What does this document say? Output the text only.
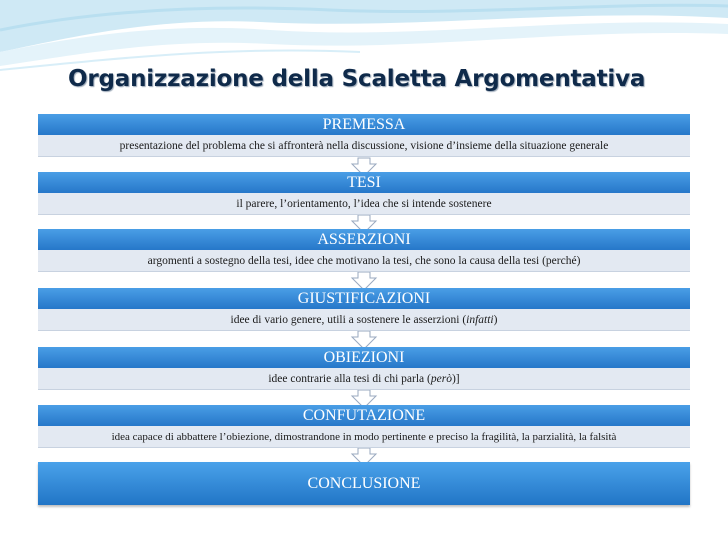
Organizzazione della Scaletta Argomentativa
PREMESSA
presentazione del problema che si affronterà nella discussione, visione d’insieme della situazione generale
TESI
il parere, l’orientamento, l’idea che si intende sostenere
ASSERZIONI
argomenti a sostegno della tesi, idee che motivano la tesi, che sono la causa della tesi (perché)
GIUSTIFICAZIONI
idee di vario genere, utili a sostenere le asserzioni (infatti)
OBIEZIONI
idee contrarie alla tesi di chi parla (però)]
CONFUTAZIONE
idea capace di abbattere l’obiezione, dimostrandone in modo pertinente e preciso la fragilità, la parzialità, la falsità
CONCLUSIONE
